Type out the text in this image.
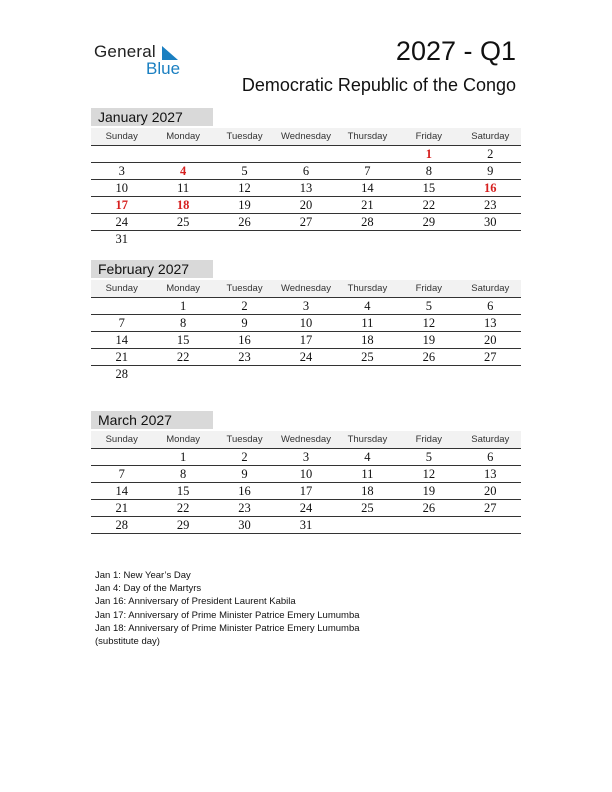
General
Blue
2027 - Q1
Democratic Republic of the Congo
January 2027
Sunday	Monday	Tuesday	Wednesday	Thursday	Friday	Saturday
					1	2
3	4	5	6	7	8	9
10	11	12	13	14	15	16
17	18	19	20	21	22	23
24	25	26	27	28	29	30
31						
February 2027
Sunday	Monday	Tuesday	Wednesday	Thursday	Friday	Saturday
	1	2	3	4	5	6
7	8	9	10	11	12	13
14	15	16	17	18	19	20
21	22	23	24	25	26	27
28						
March 2027
Sunday	Monday	Tuesday	Wednesday	Thursday	Friday	Saturday
	1	2	3	4	5	6
7	8	9	10	11	12	13
14	15	16	17	18	19	20
21	22	23	24	25	26	27
28	29	30	31			
Jan 1: New Year’s Day
Jan 4: Day of the Martyrs
Jan 16: Anniversary of President Laurent Kabila
Jan 17: Anniversary of Prime Minister Patrice Emery Lumumba
Jan 18: Anniversary of Prime Minister Patrice Emery Lumumba
(substitute day)
